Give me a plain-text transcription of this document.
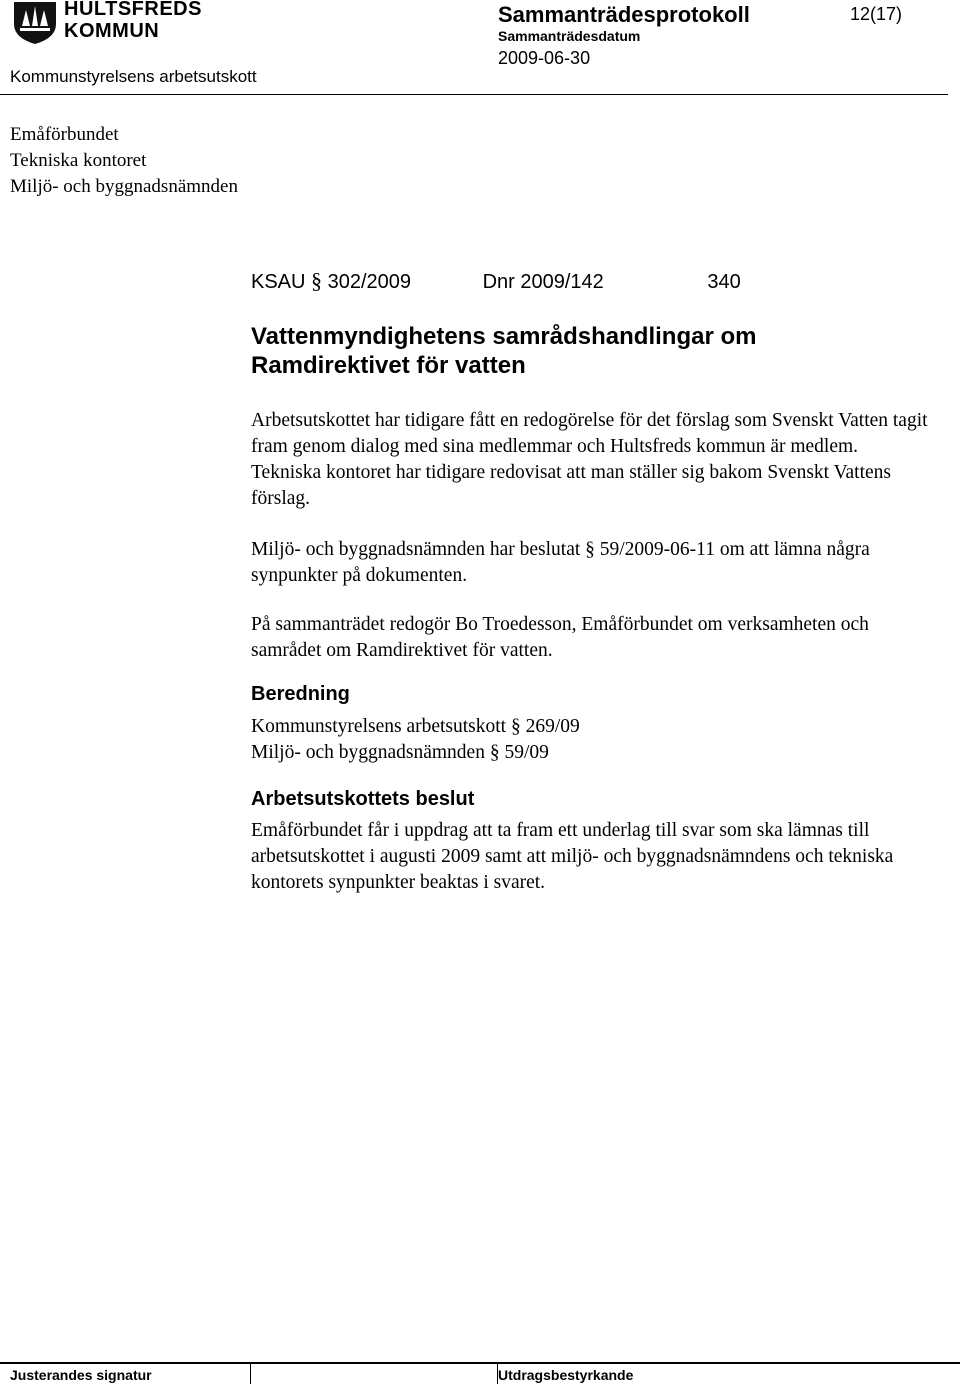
HULTSFREDS
KOMMUN
Sammanträdesprotokoll	12(17)
Sammanträdesdatum
2009-06-30
Kommunstyrelsens arbetsutskott
Emåförbundet
Tekniska kontoret
Miljö- och byggnadsnämnden
KSAU § 302/2009	Dnr 2009/142	340
Vattenmyndighetens samrådshandlingar om
Ramdirektivet för vatten
Arbetsutskottet har tidigare fått en redogörelse för det förslag som Svenskt Vatten tagit fram genom dialog med sina medlemmar och Hultsfreds kommun är medlem. Tekniska kontoret har tidigare redovisat att man ställer sig bakom Svenskt Vattens förslag.
Miljö- och byggnadsnämnden har beslutat § 59/2009-06-11 om att lämna några synpunkter på dokumenten.
På sammanträdet redogör Bo Troedesson, Emåförbundet om verksamheten och samrådet om Ramdirektivet för vatten.
Beredning
Kommunstyrelsens arbetsutskott § 269/09
Miljö- och byggnadsnämnden § 59/09
Arbetsutskottets beslut
Emåförbundet får i uppdrag att ta fram ett underlag till svar som ska lämnas till arbetsutskottet i augusti 2009 samt att miljö- och byggnadsnämndens och tekniska kontorets synpunkter beaktas i svaret.
Justerandes signatur	Utdragsbestyrkande
